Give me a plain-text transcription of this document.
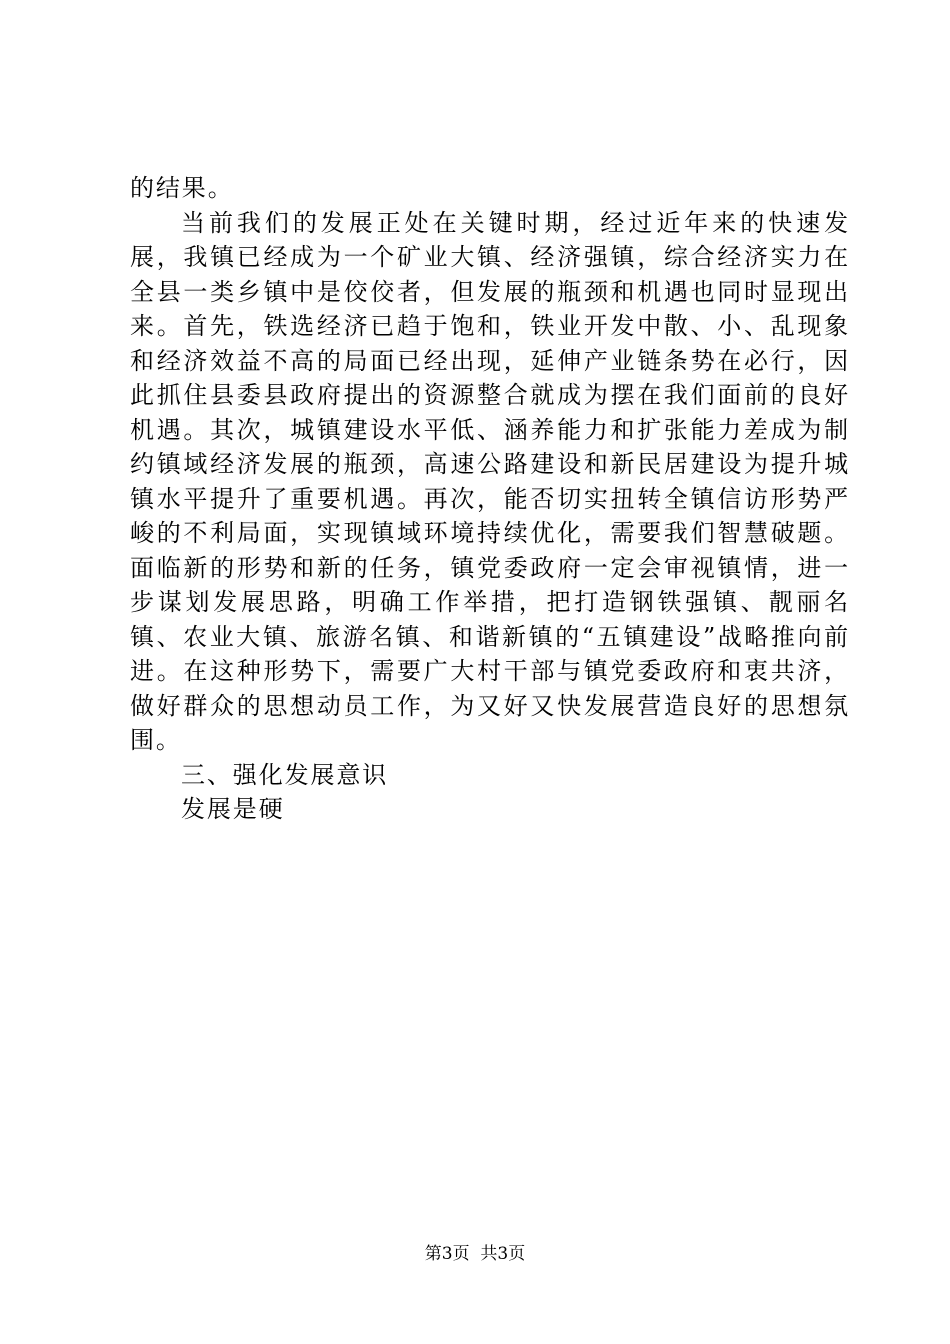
的结果。

当前我们的发展正处在关键时期，经过近年来的快速发展，我镇已经成为一个矿业大镇、经济强镇，综合经济实力在全县一类乡镇中是佼佼者，但发展的瓶颈和机遇也同时显现出来。首先，铁选经济已趋于饱和，铁业开发中散、小、乱现象和经济效益不高的局面已经出现，延伸产业链条势在必行，因此抓住县委县政府提出的资源整合就成为摆在我们面前的良好机遇。其次，城镇建设水平低、涵养能力和扩张能力差成为制约镇域经济发展的瓶颈，高速公路建设和新民居建设为提升城镇水平提升了重要机遇。再次，能否切实扭转全镇信访形势严峻的不利局面，实现镇域环境持续优化，需要我们智慧破题。面临新的形势和新的任务，镇党委政府一定会审视镇情，进一步谋划发展思路，明确工作举措，把打造钢铁强镇、靓丽名镇、农业大镇、旅游名镇、和谐新镇的“五镇建设”战略推向前进。在这种形势下，需要广大村干部与镇党委政府和衷共济，做好群众的思想动员工作，为又好又快发展营造良好的思想氛围。

三、强化发展意识

发展是硬

第3页  共3页
